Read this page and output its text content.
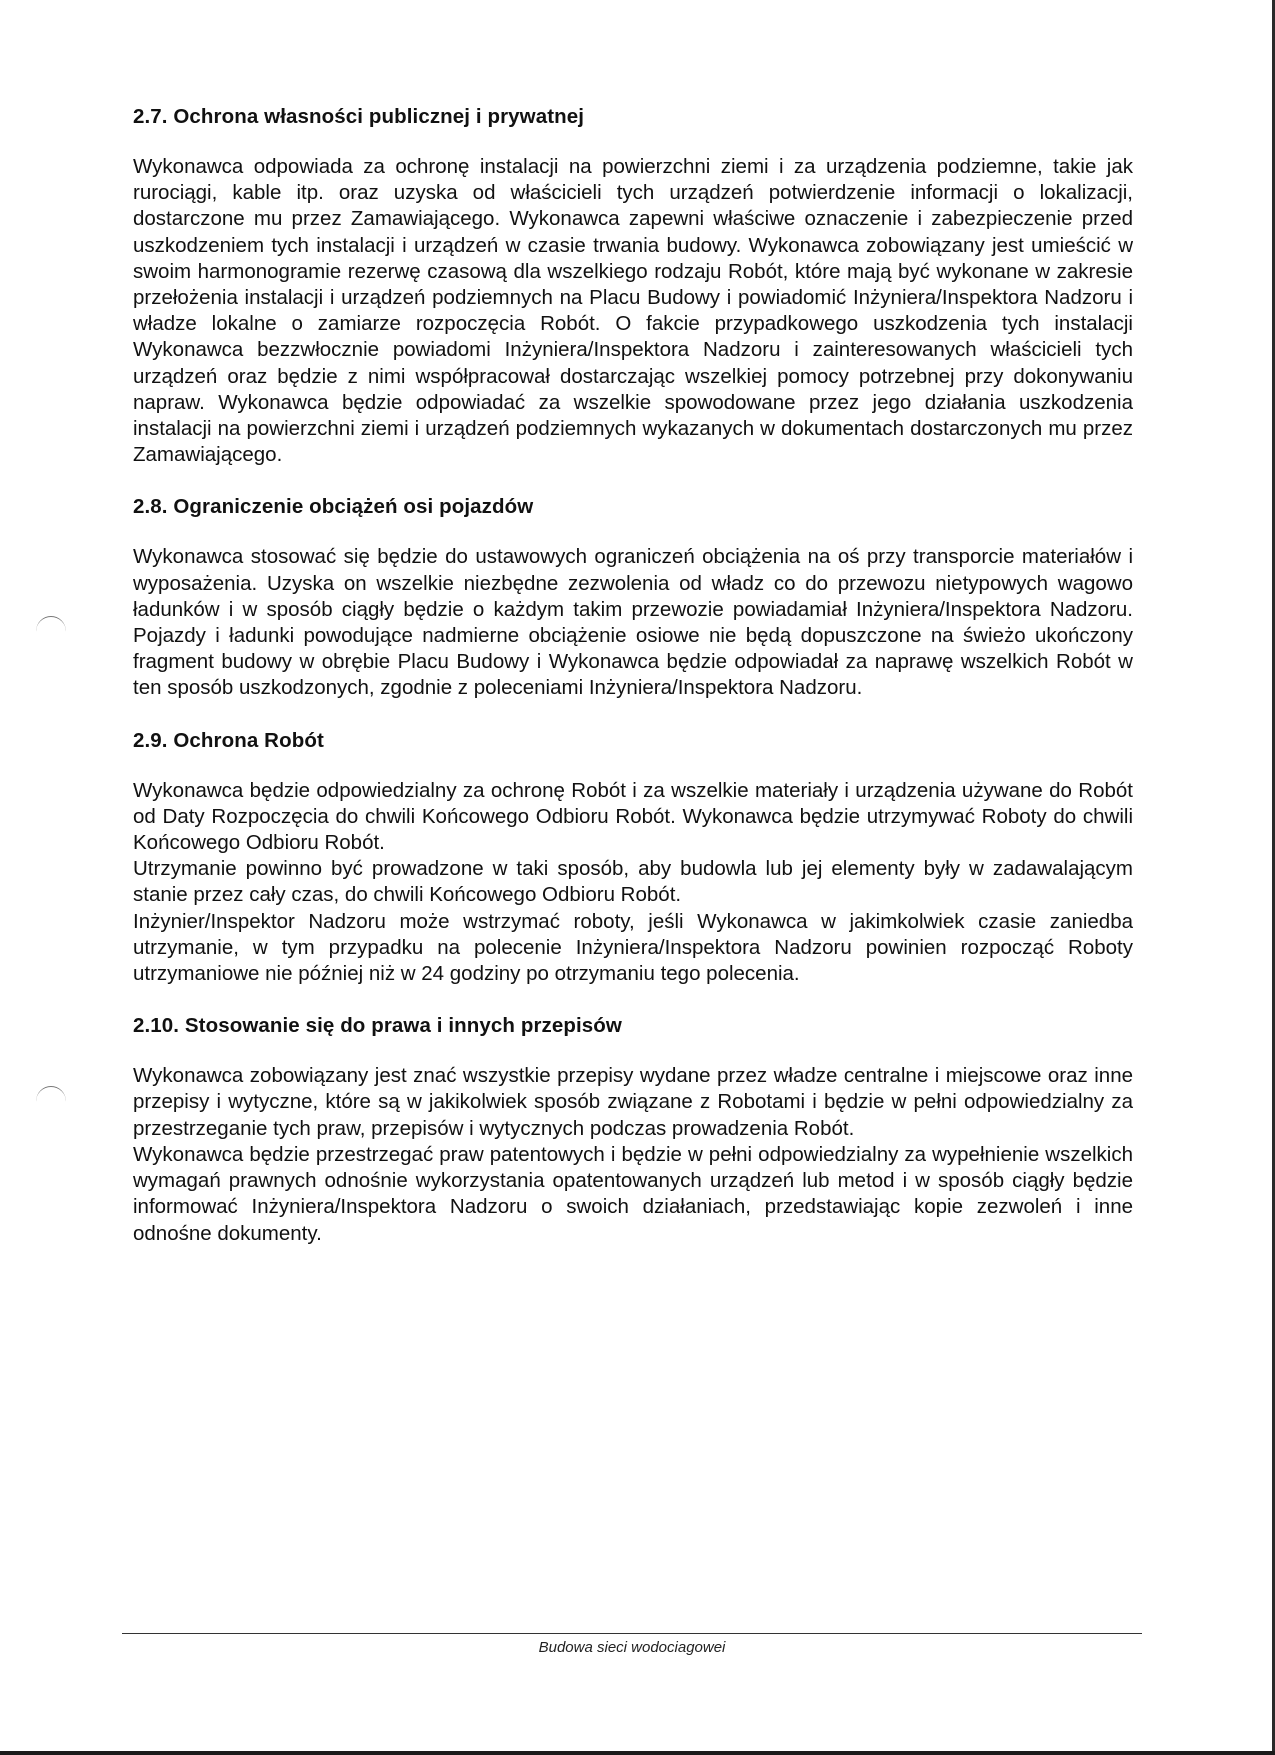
2.7. Ochrona własności publicznej i prywatnej

Wykonawca odpowiada za ochronę instalacji na powierzchni ziemi i za urządzenia podziemne, takie jak rurociągi, kable itp. oraz uzyska od właścicieli tych urządzeń potwierdzenie informacji o lokalizacji, dostarczone mu przez Zamawiającego. Wykonawca zapewni właściwe oznaczenie i zabezpieczenie przed uszkodzeniem tych instalacji i urządzeń w czasie trwania budowy. Wykonawca zobowiązany jest umieścić w swoim harmonogramie rezerwę czasową dla wszelkiego rodzaju Robót, które mają być wykonane w zakresie przełożenia instalacji i urządzeń podziemnych na Placu Budowy i powiadomić Inżyniera/Inspektora Nadzoru i władze lokalne o zamiarze rozpoczęcia Robót. O fakcie przypadkowego uszkodzenia tych instalacji Wykonawca bezzwłocznie powiadomi Inżyniera/Inspektora Nadzoru i zainteresowanych właścicieli tych urządzeń oraz będzie z nimi współpracował dostarczając wszelkiej pomocy potrzebnej przy dokonywaniu napraw. Wykonawca będzie odpowiadać za wszelkie spowodowane przez jego działania uszkodzenia instalacji na powierzchni ziemi i urządzeń podziemnych wykazanych w dokumentach dostarczonych mu przez Zamawiającego.

2.8. Ograniczenie obciążeń osi pojazdów

Wykonawca stosować się będzie do ustawowych ograniczeń obciążenia na oś przy transporcie materiałów i wyposażenia. Uzyska on wszelkie niezbędne zezwolenia od władz co do przewozu nietypowych wagowo ładunków i w sposób ciągły będzie o każdym takim przewozie powiadamiał Inżyniera/Inspektora Nadzoru. Pojazdy i ładunki powodujące nadmierne obciążenie osiowe nie będą dopuszczone na świeżo ukończony fragment budowy w obrębie Placu Budowy i Wykonawca będzie odpowiadał za naprawę wszelkich Robót w ten sposób uszkodzonych, zgodnie z poleceniami Inżyniera/Inspektora Nadzoru.

2.9. Ochrona Robót

Wykonawca będzie odpowiedzialny za ochronę Robót i za wszelkie materiały i urządzenia używane do Robót od Daty Rozpoczęcia do chwili Końcowego Odbioru Robót. Wykonawca będzie utrzymywać Roboty do chwili Końcowego Odbioru Robót.

Utrzymanie powinno być prowadzone w taki sposób, aby budowla lub jej elementy były w zadawalającym stanie przez cały czas, do chwili Końcowego Odbioru Robót.

Inżynier/Inspektor Nadzoru może wstrzymać roboty, jeśli Wykonawca w jakimkolwiek czasie zaniedba utrzymanie, w tym przypadku na polecenie Inżyniera/Inspektora Nadzoru powinien rozpocząć Roboty utrzymaniowe nie później niż w 24 godziny po otrzymaniu tego polecenia.

2.10. Stosowanie się do prawa i innych przepisów

Wykonawca zobowiązany jest znać wszystkie przepisy wydane przez władze centralne i miejscowe oraz inne przepisy i wytyczne, które są w jakikolwiek sposób związane z Robotami i będzie w pełni odpowiedzialny za przestrzeganie tych praw, przepisów i wytycznych podczas prowadzenia Robót.

Wykonawca będzie przestrzegać praw patentowych i będzie w pełni odpowiedzialny za wypełnienie wszelkich wymagań prawnych odnośnie wykorzystania opatentowanych urządzeń lub metod i w sposób ciągły będzie informować Inżyniera/Inspektora Nadzoru o swoich działaniach, przedstawiając kopie zezwoleń i inne odnośne dokumenty.

Budowa sieci wodociagowei
